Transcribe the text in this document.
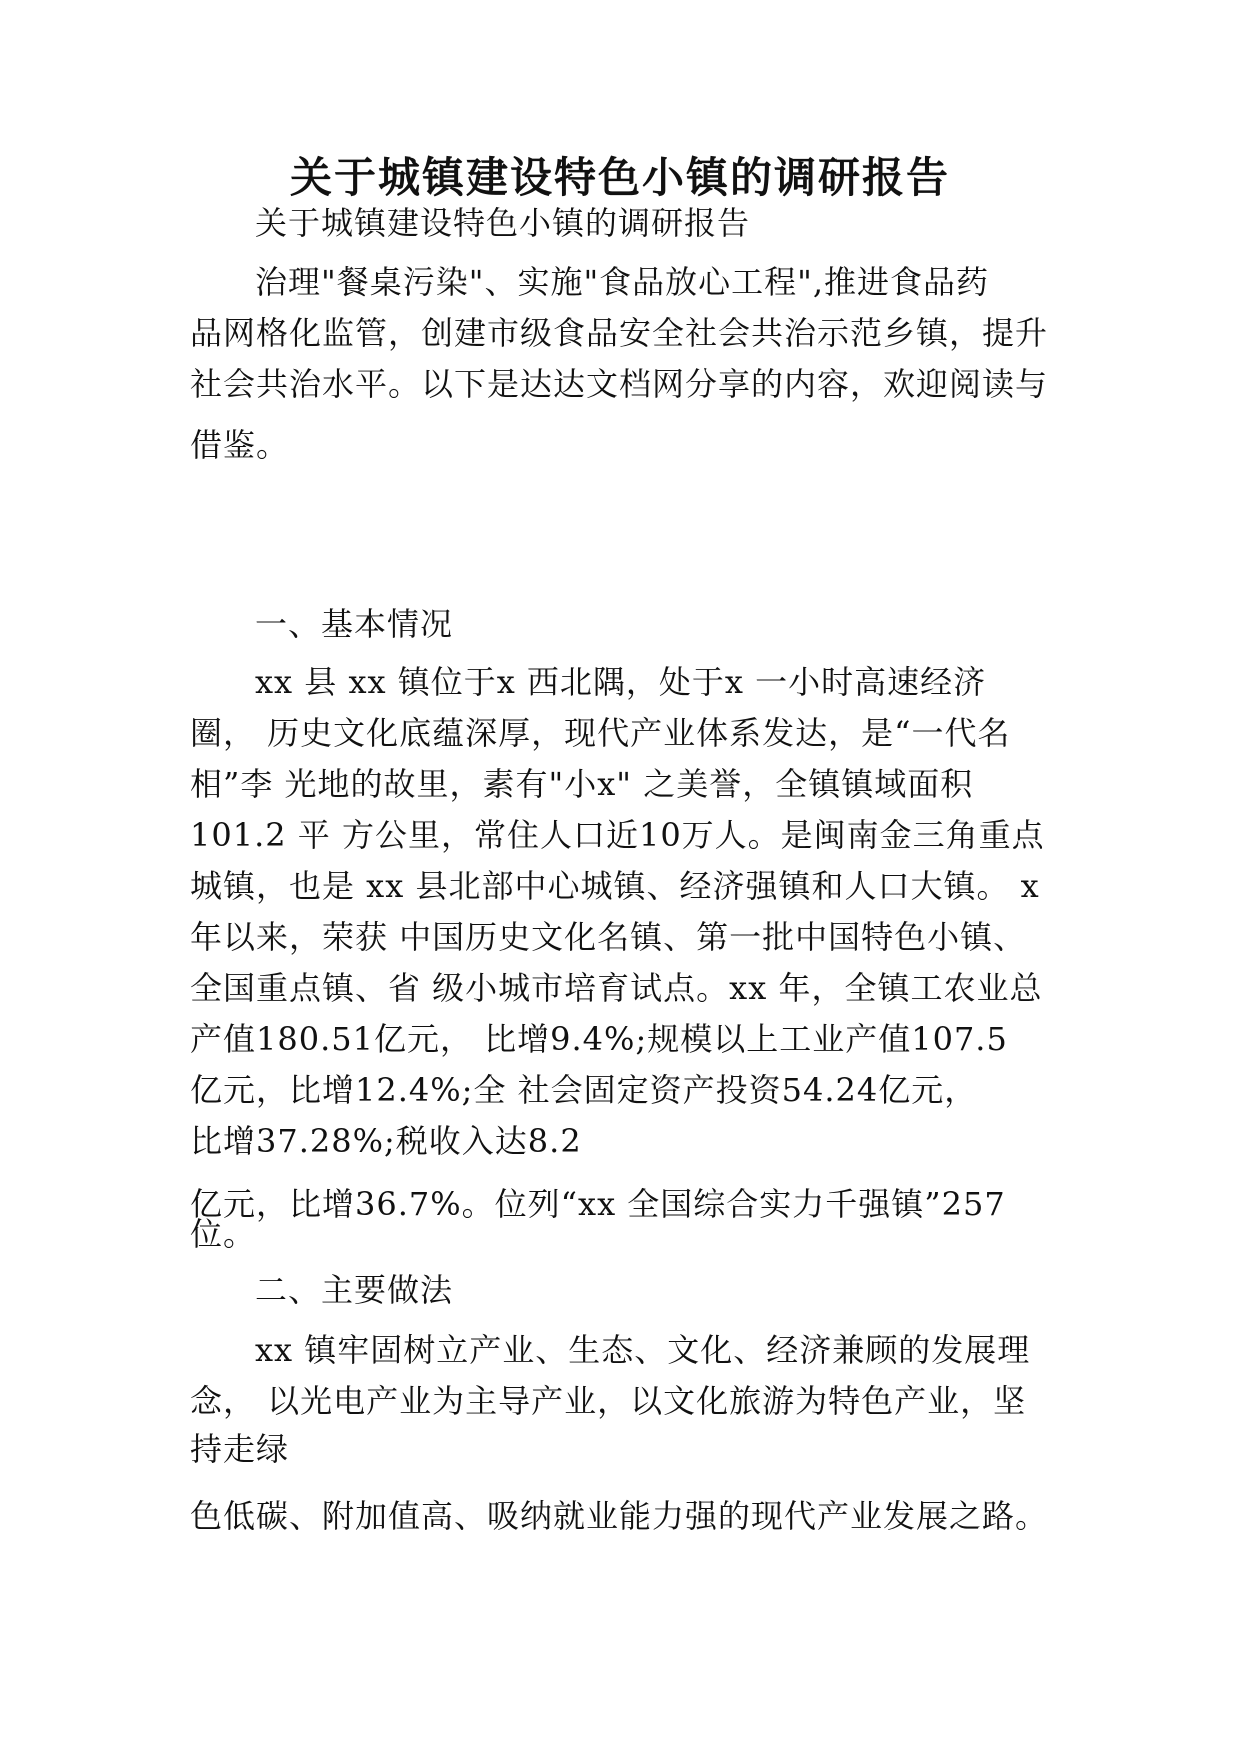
关于城镇建设特色小镇的调研报告
关于城镇建设特色小镇的调研报告
治理"餐桌污染"、实施"食品放心工程",推进食品药
品网格化监管，创建市级食品安全社会共治示范乡镇，提升
社会共治水平。以下是达达文档网分享的内容，欢迎阅读与
借鉴。
一、基本情况
xx 县 xx 镇位于x 西北隅，处于x 一小时高速经济
圈， 历史文化底蕴深厚，现代产业体系发达，是“一代名
相”李 光地的故里，素有"小x" 之美誉，全镇镇域面积
101.2 平 方公里，常住人口近10万人。是闽南金三角重点
城镇，也是 xx 县北部中心城镇、经济强镇和人口大镇。 x
年以来，荣获 中国历史文化名镇、第一批中国特色小镇、
全国重点镇、省 级小城市培育试点。xx 年，全镇工农业总
产值180.51亿元， 比增9.4%;规模以上工业产值107.5
亿元，比增12.4%;全 社会固定资产投资54.24亿元，
比增37.28%;税收入达8.2
亿元，比增36.7%。位列“xx 全国综合实力千强镇”257
位。
二、主要做法
xx 镇牢固树立产业、生态、文化、经济兼顾的发展理
念， 以光电产业为主导产业，以文化旅游为特色产业，坚
持走绿
色低碳、附加值高、吸纳就业能力强的现代产业发展之路。
